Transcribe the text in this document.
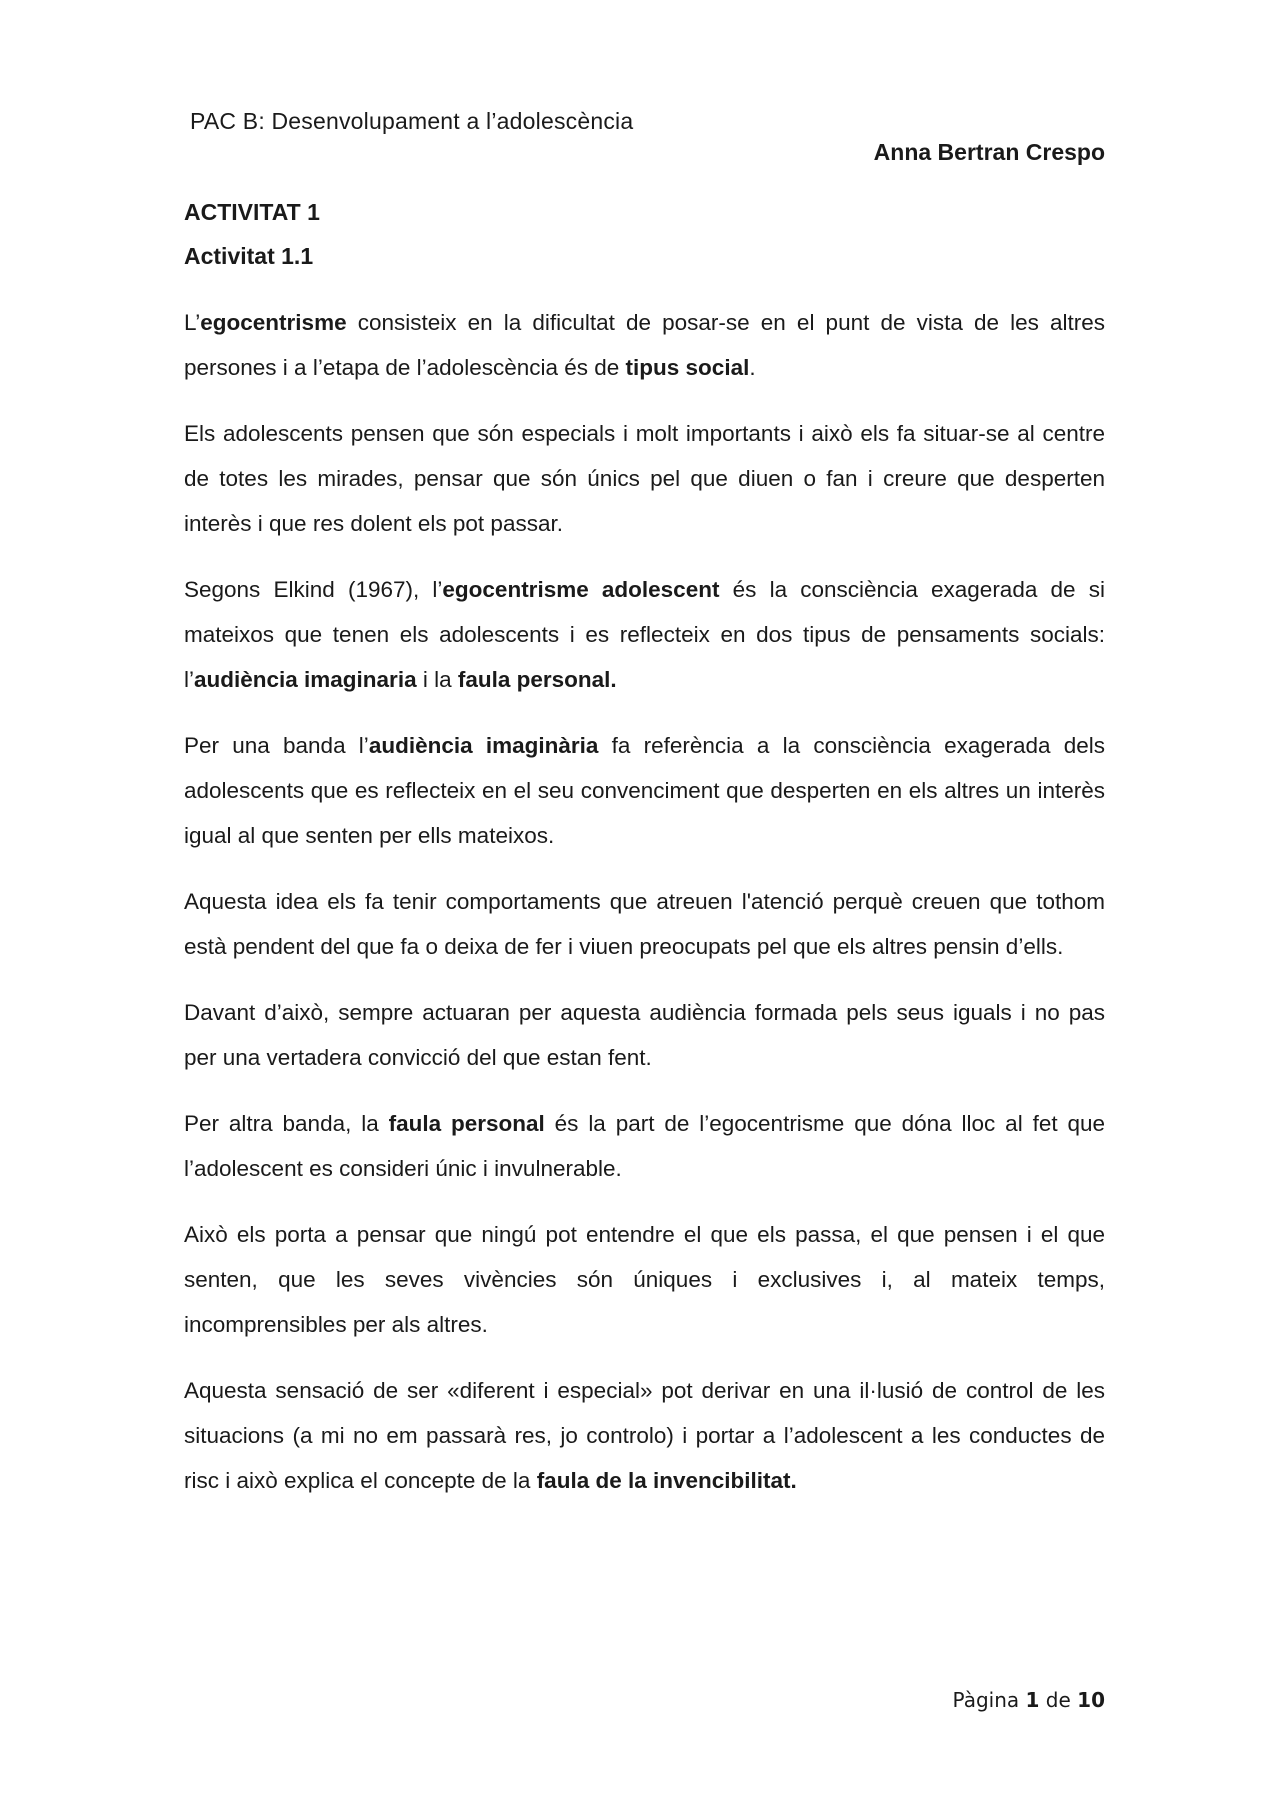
PAC B: Desenvolupament a l’adolescència
Anna Bertran Crespo
ACTIVITAT 1
Activitat 1.1

L’egocentrisme consisteix en la dificultat de posar-se en el punt de vista de les altres persones i a l’etapa de l’adolescència és de tipus social.

Els adolescents pensen que són especials i molt importants i això els fa situar-se al centre de totes les mirades, pensar que són únics pel que diuen o fan i creure que desperten interès i que res dolent els pot passar.

Segons Elkind (1967), l’egocentrisme adolescent és la consciència exagerada de si mateixos que tenen els adolescents i es reflecteix en dos tipus de pensaments socials: l’audiència imaginaria i la faula personal.

Per una banda l’audiència imaginària fa referència a la consciència exagerada dels adolescents que es reflecteix en el seu convenciment que desperten en els altres un interès igual al que senten per ells mateixos.

Aquesta idea els fa tenir comportaments que atreuen l'atenció perquè creuen que tothom està pendent del que fa o deixa de fer i viuen preocupats pel que els altres pensin d’ells.

Davant d’això, sempre actuaran per aquesta audiència formada pels seus iguals i no pas per una vertadera convicció del que estan fent.

Per altra banda, la faula personal és la part de l’egocentrisme que dóna lloc al fet que l’adolescent es consideri únic i invulnerable.

Això els porta a pensar que ningú pot entendre el que els passa, el que pensen i el que senten, que les seves vivències són úniques i exclusives i, al mateix temps, incomprensibles per als altres.

Aquesta sensació de ser «diferent i especial» pot derivar en una il·lusió de control de les situacions (a mi no em passarà res, jo controlo) i portar a l’adolescent a les conductes de risc i això explica el concepte de la faula de la invencibilitat.

Pàgina 1 de 10
